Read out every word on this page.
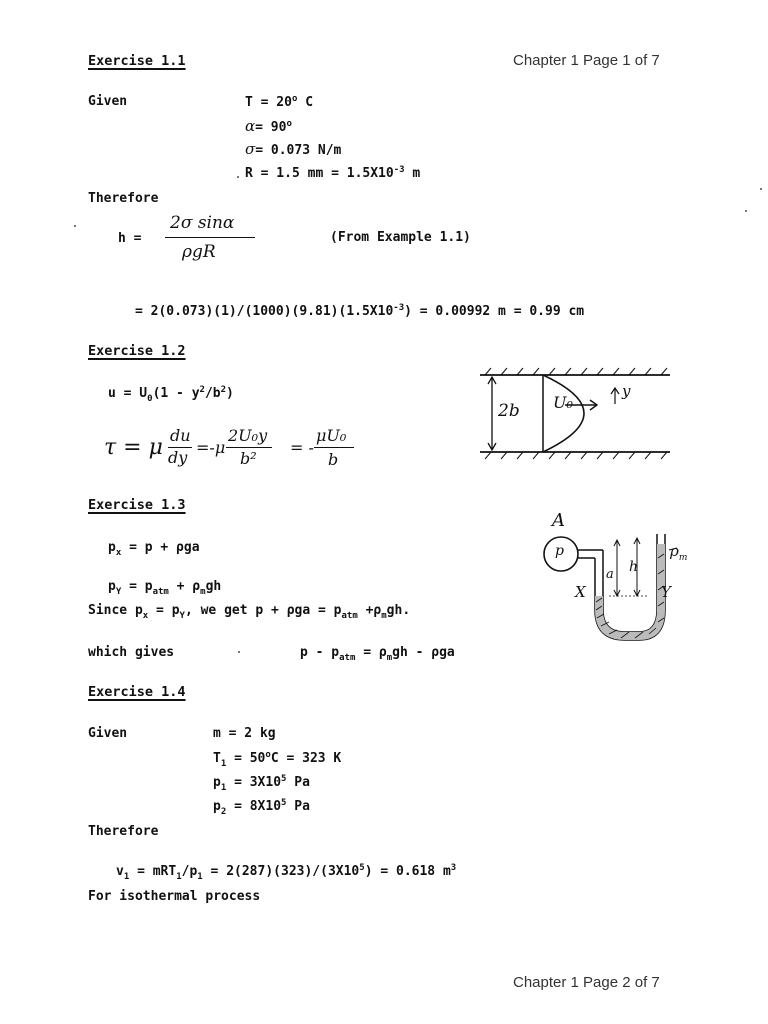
Chapter 1 Page 1 of 7
Chapter 1 Page 2 of 7
Exercise 1.1
Given	$T = 20^o$ C
$\alpha= 90^o$
σ= 0.073 N/m
R = 1.5 mm = $1.5X10^{-3}$ m
Therefore
h =
2σ sinα
ρgR
(From Example 1.1)
= $2(0.073)(1)/(1000)(9.81)(1.5X10^{-3}) = 0.00992$ m = 0.99 cm
Exercise 1.2
$u = U_0(1 - y^2/b^2)$
τ = μ du
dy
=-μ
2U₀y
b²
= -
μU₀
b
2b U₀
y
Exercise 1.3
$p_x = p + \rho ga$
$p_Y = p_{atm} + \rho_mgh$
Since $p_x = p_Y$, we get $p + \rho ga = p_{atm} +\rho_mgh$.
which gives	$p - p_{atm} = \rho_mgh - \rho ga$
A
p
X	Y
a h
$\rho_m$
Exercise 1.4
Given	m = 2 kg
$T_1 = 50^oC = 323$ K
$p_1 = 3X10^5$ Pa
$p_2 = 8X10^5$ Pa
Therefore
$v_1 = mRT_1/p_1 = 2(287)(323)/(3X10^5) = 0.618$ $m^3$
For isothermal process
